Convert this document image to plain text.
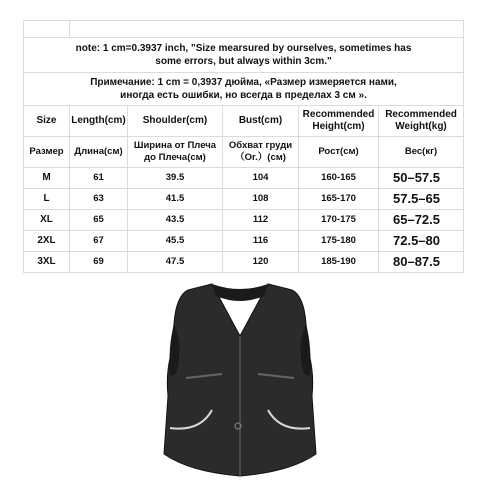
note: 1 cm=0.3937 inch, "Size mearsured by ourselves, sometimes has some errors, but always within 3cm."					
Примечание: 1 cm = 0,3937 дюйма, «Размер измеряется нами, иногда есть ошибки, но всегда в пределах 3 см ».					
Size	Length(cm)	Shoulder(cm)	Bust(cm)	Recommended Height(cm)	Recommended Weight(kg)
Размер	Длина(см)	Ширина от Плеча до Плеча(см)	Обхват груди（Or.）(см)	Рост(см)	Вес(кг)
M	61	39.5	104	160-165	50–57.5
L	63	41.5	108	165-170	57.5–65
XL	65	43.5	112	170-175	65–72.5
2XL	67	45.5	116	175-180	72.5–80
3XL	69	47.5	120	185-190	80–87.5
